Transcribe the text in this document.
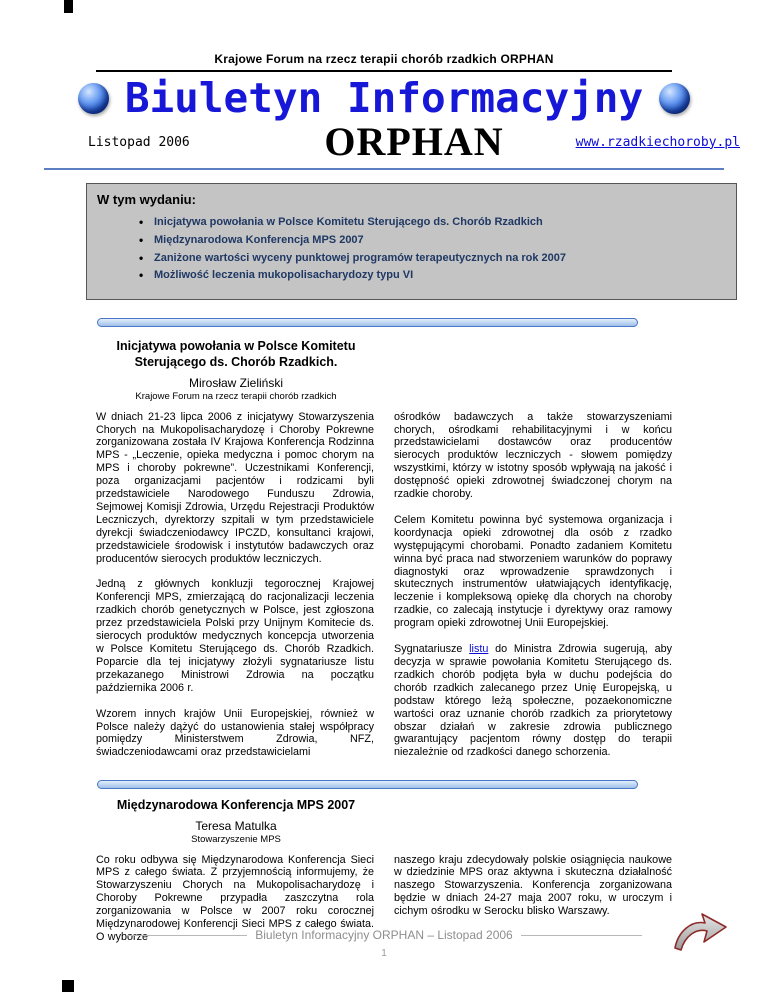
Krajowe Forum na rzecz terapii chorób rzadkich ORPHAN
Biuletyn Informacyjny
Listopad 2006	ORPHAN	www.rzadkiechoroby.pl
W tym wydaniu:
• Inicjatywa powołania w Polsce Komitetu Sterującego ds. Chorób Rzadkich
• Międzynarodowa Konferencja MPS 2007
• Zaniżone wartości wyceny punktowej programów terapeutycznych na rok 2007
• Możliwość leczenia mukopolisacharydozy typu VI
Inicjatywa powołania w Polsce Komitetu Sterującego ds. Chorób Rzadkich.
Mirosław Zieliński
Krajowe Forum na rzecz terapii chorób rzadkich

W dniach 21-23 lipca 2006 z inicjatywy Stowarzyszenia Chorych na Mukopolisacharydozę i Choroby Pokrewne zorganizowana została IV Krajowa Konferencja Rodzinna MPS - „Leczenie, opieka medyczna i pomoc chorym na MPS i choroby pokrewne”. Uczestnikami Konferencji, poza organizacjami pacjentów i rodzicami byli przedstawiciele Narodowego Funduszu Zdrowia, Sejmowej Komisji Zdrowia, Urzędu Rejestracji Produktów Leczniczych, dyrektorzy szpitali w tym przedstawiciele dyrekcji świadczeniodawcy IPCZD, konsultanci krajowi, przedstawiciele środowisk i instytutów badawczych oraz producentów sierocych produktów leczniczych.

Jedną z głównych konkluzji tegorocznej Krajowej Konferencji MPS, zmierzającą do racjonalizacji leczenia rzadkich chorób genetycznych w Polsce, jest zgłoszona przez przedstawiciela Polski przy Unijnym Komitecie ds. sierocych produktów medycznych koncepcja utworzenia w Polsce Komitetu Sterującego ds. Chorób Rzadkich. Poparcie dla tej inicjatywy złożyli sygnatariusze listu przekazanego Ministrowi Zdrowia na początku października 2006 r.

Wzorem innych krajów Unii Europejskiej, również w Polsce należy dążyć do ustanowienia stałej współpracy pomiędzy Ministerstwem Zdrowia, NFZ, świadczeniodawcami oraz przedstawicielami

ośrodków badawczych a także stowarzyszeniami chorych, ośrodkami rehabilitacyjnymi i w końcu przedstawicielami dostawców oraz producentów sierocych produktów leczniczych - słowem pomiędzy wszystkimi, którzy w istotny sposób wpływają na jakość i dostępność opieki zdrowotnej świadczonej chorym na rzadkie choroby.

Celem Komitetu powinna być systemowa organizacja i koordynacja opieki zdrowotnej dla osób z rzadko występującymi chorobami. Ponadto zadaniem Komitetu winna być praca nad stworzeniem warunków do poprawy diagnostyki oraz wprowadzenie sprawdzonych i skutecznych instrumentów ułatwiających identyfikację, leczenie i kompleksową opiekę dla chorych na choroby rzadkie, co zalecają instytucje i dyrektywy oraz ramowy program opieki zdrowotnej Unii Europejskiej.

Sygnatariusze listu do Ministra Zdrowia sugerują, aby decyzja w sprawie powołania Komitetu Sterującego ds. rzadkich chorób podjęta była w duchu podejścia do chorób rzadkich zalecanego przez Unię Europejską, u podstaw którego leżą społeczne, pozaekonomiczne wartości oraz uznanie chorób rzadkich za priorytetowy obszar działań w zakresie zdrowia publicznego gwarantujący pacjentom równy dostęp do terapii niezależnie od rzadkości danego schorzenia.

Międzynarodowa Konferencja MPS 2007
Teresa Matulka
Stowarzyszenie MPS

Co roku odbywa się Międzynarodowa Konferencja Sieci MPS z całego świata. Z przyjemnością informujemy, że Stowarzyszeniu Chorych na Mukopolisacharydozę i Choroby Pokrewne przypadła zaszczytna rola zorganizowania w Polsce w 2007 roku corocznej Międzynarodowej Konferencji Sieci MPS z całego świata. O wyborze

naszego kraju zdecydowały polskie osiągnięcia naukowe w dziedzinie MPS oraz aktywna i skuteczna działalność naszego Stowarzyszenia. Konferencja zorganizowana będzie w dniach 24-27 maja 2007 roku, w uroczym i cichym ośrodku w Serocku blisko Warszawy.

Biuletyn Informacyjny ORPHAN – Listopad 2006
1
